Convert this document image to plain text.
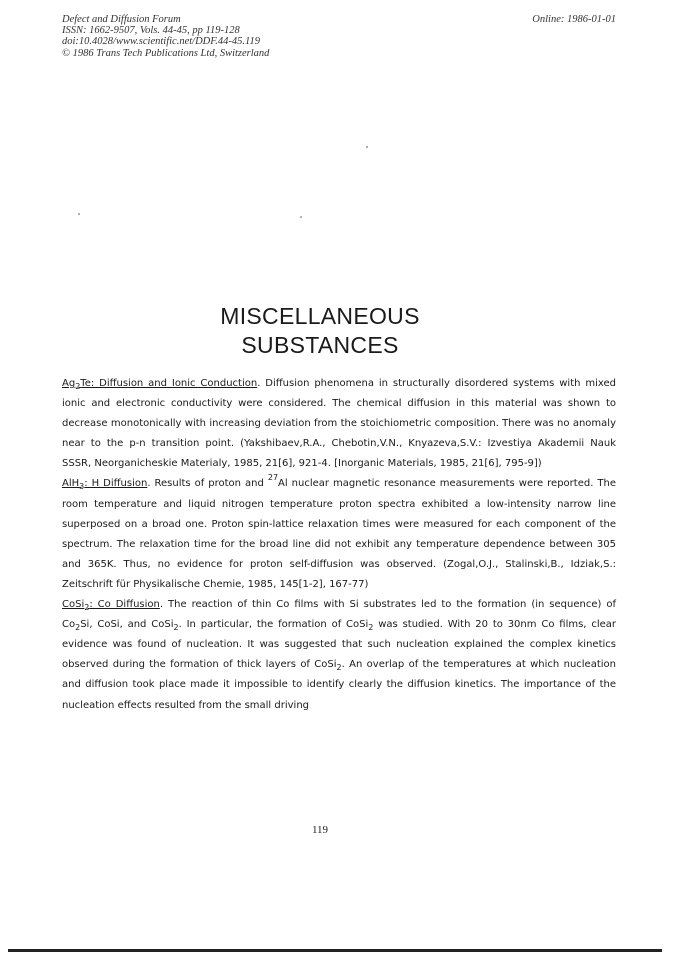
Defect and Diffusion Forum
ISSN: 1662-9507, Vols. 44-45, pp 119-128
doi:10.4028/www.scientific.net/DDF.44-45.119
© 1986 Trans Tech Publications Ltd, Switzerland
Online: 1986-01-01
MISCELLANEOUS
SUBSTANCES

$Ag_2Te$: Diffusion and Ionic Conduction. Diffusion phenomena in structurally disordered systems with mixed ionic and electronic conductivity were considered. The chemical diffusion in this material was shown to decrease monotonically with increasing deviation from the stoichiometric composition. There was no anomaly near to the p-n transition point. (Yakshibaev,R.A., Chebotin,V.N., Knyazeva,S.V.: Izvestiya Akademii Nauk SSSR, Neorganicheskie Materialy, 1985, 21[6], 921-4. [Inorganic Materials, 1985, 21[6], 795-9])

AlH$_3$: H Diffusion. Results of proton and $^{27}$Al nuclear magnetic resonance measurements were reported. The room temperature and liquid nitrogen temperature proton spectra exhibited a low-intensity narrow line superposed on a broad one. Proton spin-lattice relaxation times were measured for each component of the spectrum. The relaxation time for the broad line did not exhibit any temperature dependence between 305 and 365K. Thus, no evidence for proton self-diffusion was observed. (Zogal,O.J., Stalinski,B., Idziak,S.: Zeitschrift für Physikalische Chemie, 1985, 145[1-2], 167-77)

CoSi$_2$: Co Diffusion. The reaction of thin Co films with Si substrates led to the formation (in sequence) of $Co_2Si$, CoSi, and CoSi$_2$. In particular, the formation of CoSi$_2$ was studied. With 20 to 30nm Co films, clear evidence was found of nucleation. It was suggested that such nucleation explained the complex kinetics observed during the formation of thick layers of CoSi$_2$. An overlap of the temperatures at which nucleation and diffusion took place made it impossible to identify clearly the diffusion kinetics. The importance of the nucleation effects resulted from the small driving

119
